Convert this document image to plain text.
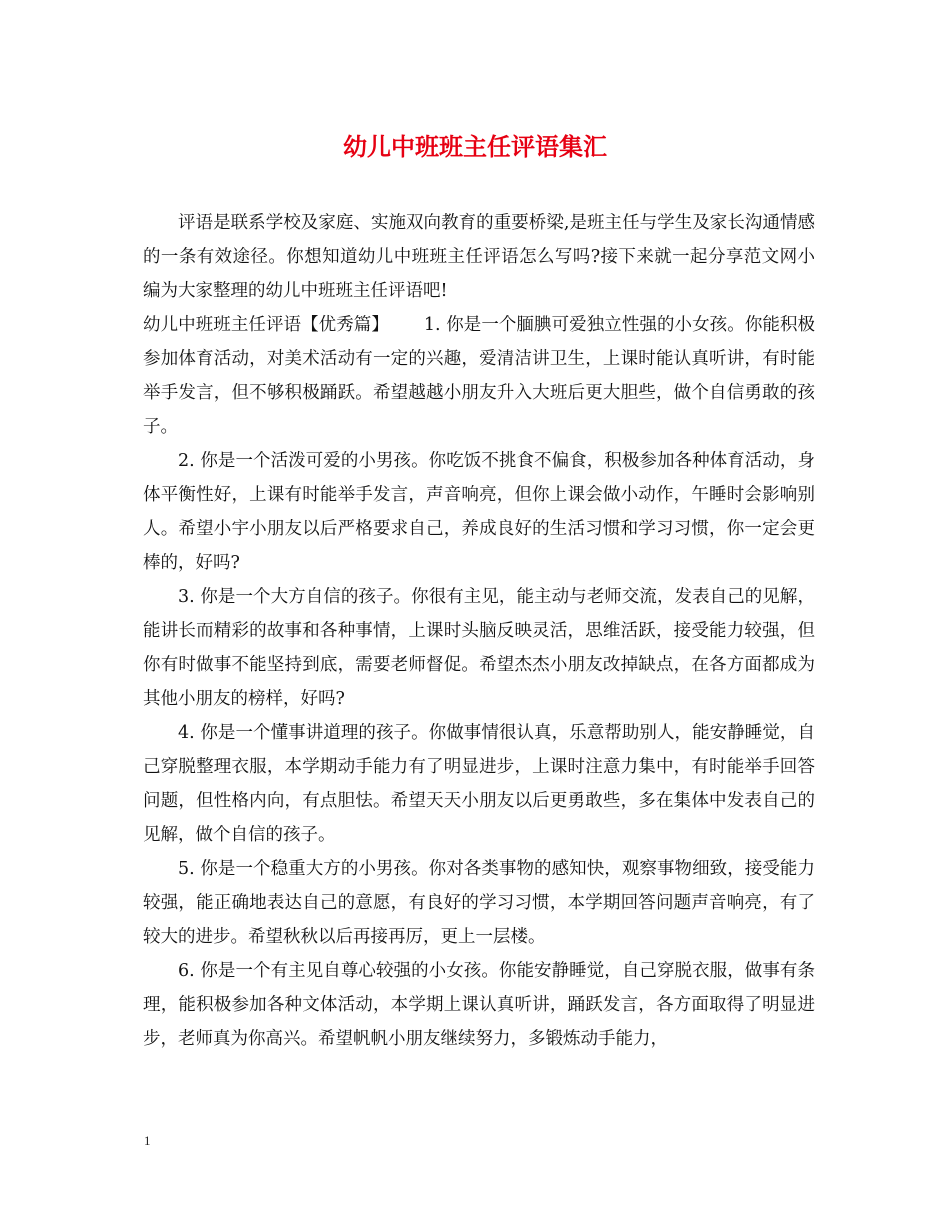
幼儿中班班主任评语集汇

评语是联系学校及家庭、实施双向教育的重要桥梁,是班主任与学生及家长沟通情感的一条有效途径。你想知道幼儿中班班主任评语怎么写吗?接下来就一起分享范文网小编为大家整理的幼儿中班班主任评语吧!

幼儿中班班主任评语【优秀篇】   1. 你是一个腼腆可爱独立性强的小女孩。你能积极参加体育活动，对美术活动有一定的兴趣，爱清洁讲卫生，上课时能认真听讲，有时能举手发言，但不够积极踊跃。希望越越小朋友升入大班后更大胆些，做个自信勇敢的孩子。

2. 你是一个活泼可爱的小男孩。你吃饭不挑食不偏食，积极参加各种体育活动，身体平衡性好，上课有时能举手发言，声音响亮，但你上课会做小动作，午睡时会影响别人。希望小宇小朋友以后严格要求自己，养成良好的生活习惯和学习习惯，你一定会更棒的，好吗?

3. 你是一个大方自信的孩子。你很有主见，能主动与老师交流，发表自己的见解，能讲长而精彩的故事和各种事情，上课时头脑反映灵活，思维活跃，接受能力较强，但你有时做事不能坚持到底，需要老师督促。希望杰杰小朋友改掉缺点，在各方面都成为其他小朋友的榜样，好吗?

4. 你是一个懂事讲道理的孩子。你做事情很认真，乐意帮助别人，能安静睡觉，自己穿脱整理衣服，本学期动手能力有了明显进步，上课时注意力集中，有时能举手回答问题，但性格内向，有点胆怯。希望天天小朋友以后更勇敢些，多在集体中发表自己的见解，做个自信的孩子。

5. 你是一个稳重大方的小男孩。你对各类事物的感知快，观察事物细致，接受能力较强，能正确地表达自己的意愿，有良好的学习习惯，本学期回答问题声音响亮，有了较大的进步。希望秋秋以后再接再厉，更上一层楼。

6. 你是一个有主见自尊心较强的小女孩。你能安静睡觉，自己穿脱衣服，做事有条理，能积极参加各种文体活动，本学期上课认真听讲，踊跃发言，各方面取得了明显进步，老师真为你高兴。希望帆帆小朋友继续努力，多锻炼动手能力，

1
